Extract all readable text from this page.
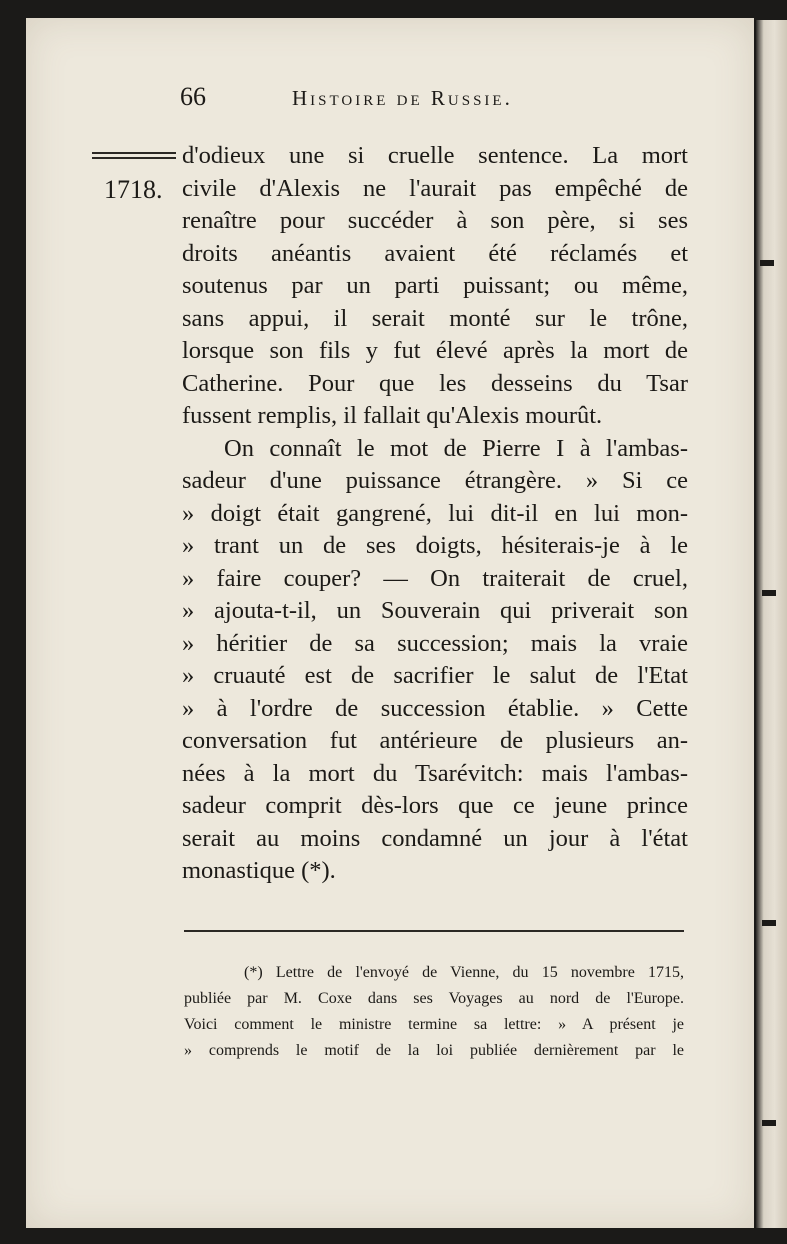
66	Histoire de Russie.
1718.
d'odieux une si cruelle sentence. La mort
civile d'Alexis ne l'aurait pas empêché de
renaître pour succéder à son père, si ses
droits anéantis avaient été réclamés et
soutenus par un parti puissant; ou même,
sans appui, il serait monté sur le trône,
lorsque son fils y fut élevé après la mort de
Catherine. Pour que les desseins du Tsar
fussent remplis, il fallait qu'Alexis mourût.
On connaît le mot de Pierre I à l'ambas-
sadeur d'une puissance étrangère. » Si ce
» doigt était gangrené, lui dit-il en lui mon-
» trant un de ses doigts, hésiterais-je à le
» faire couper? — On traiterait de cruel,
» ajouta-t-il, un Souverain qui priverait son
» héritier de sa succession; mais la vraie
» cruauté est de sacrifier le salut de l'Etat
» à l'ordre de succession établie. » Cette
conversation fut antérieure de plusieurs an-
nées à la mort du Tsarévitch: mais l'ambas-
sadeur comprit dès-lors que ce jeune prince
serait au moins condamné un jour à l'état
monastique (*).
(*) Lettre de l'envoyé de Vienne, du 15 novembre 1715,
publiée par M. Coxe dans ses Voyages au nord de l'Europe.
Voici comment le ministre termine sa lettre: » A présent je
» comprends le motif de la loi publiée dernièrement par le
